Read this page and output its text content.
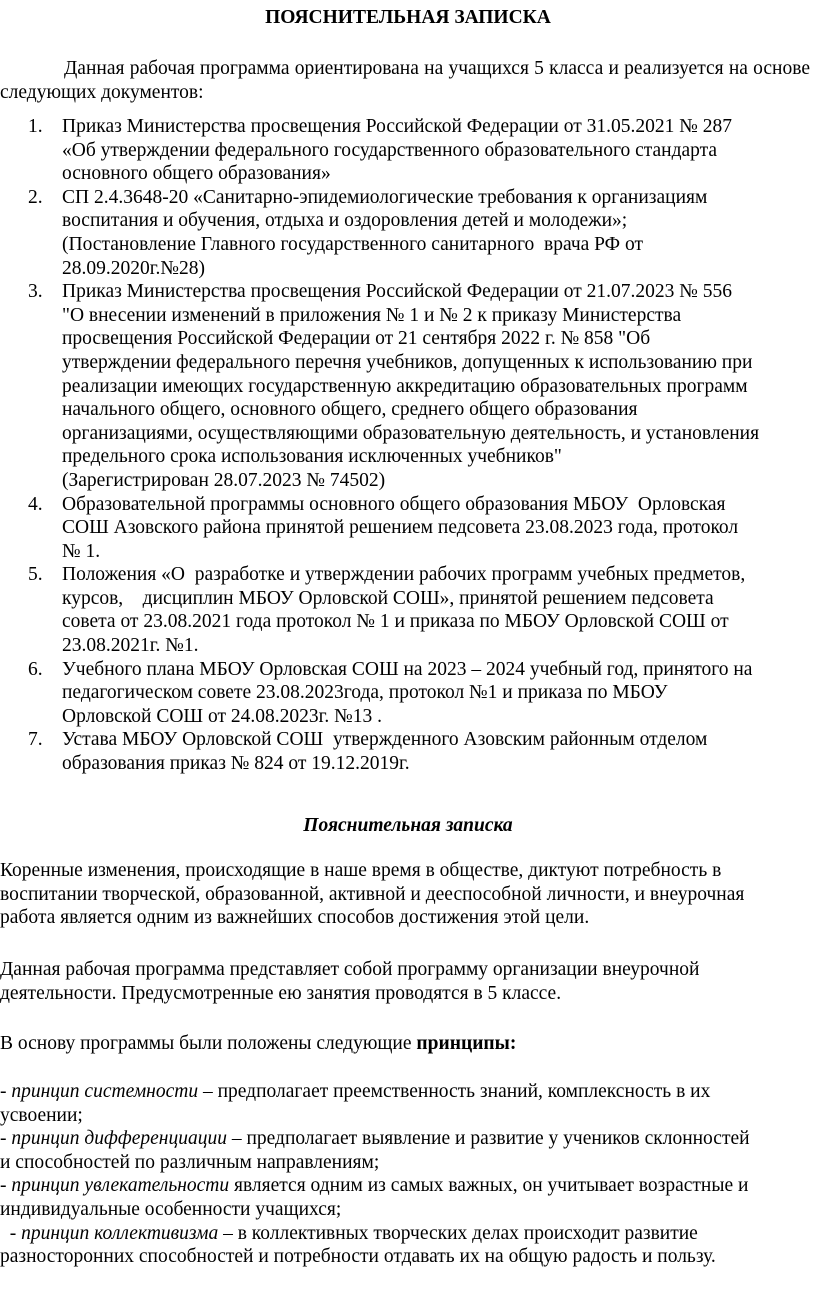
ПОЯСНИТЕЛЬНАЯ ЗАПИСКА
Данная рабочая программа ориентирована на учащихся 5 класса и реализуется на основе следующих документов:
1. Приказ Министерства просвещения Российской Федерации от 31.05.2021 № 287
«Об утверждении федерального государственного образовательного стандарта
основного общего образования»
2. СП 2.4.3648-20 «Санитарно-эпидемиологические требования к организациям
воспитания и обучения, отдыха и оздоровления детей и молодежи»;
(Постановление Главного государственного санитарного  врача РФ от
28.09.2020г.№28)
3. Приказ Министерства просвещения Российской Федерации от 21.07.2023 № 556
"О внесении изменений в приложения № 1 и № 2 к приказу Министерства
просвещения Российской Федерации от 21 сентября 2022 г. № 858 "Об
утверждении федерального перечня учебников, допущенных к использованию при
реализации имеющих государственную аккредитацию образовательных программ
начального общего, основного общего, среднего общего образования
организациями, осуществляющими образовательную деятельность, и установления
предельного срока использования исключенных учебников"
(Зарегистрирован 28.07.2023 № 74502)
4. Образовательной программы основного общего образования МБОУ  Орловская
СОШ Азовского района принятой решением педсовета 23.08.2023 года, протокол
№ 1.
5. Положения «О  разработке и утверждении рабочих программ учебных предметов,
курсов,    дисциплин МБОУ Орловской СОШ», принятой решением педсовета
совета от 23.08.2021 года протокол № 1 и приказа по МБОУ Орловской СОШ от
23.08.2021г. №1.
6. Учебного плана МБОУ Орловская СОШ на 2023 – 2024 учебный год, принятого на
педагогическом совете 23.08.2023года, протокол №1 и приказа по МБОУ
Орловской СОШ от 24.08.2023г. №13 .
7. Устава МБОУ Орловской СОШ  утвержденного Азовским районным отделом
образования приказ № 824 от 19.12.2019г.
Пояснительная записка
Коренные изменения, происходящие в наше время в обществе, диктуют потребность в
воспитании творческой, образованной, активной и дееспособной личности, и внеурочная
работа является одним из важнейших способов достижения этой цели.
Данная рабочая программа представляет собой программу организации внеурочной
деятельности. Предусмотренные ею занятия проводятся в 5 классе.
В основу программы были положены следующие принципы:
- принцип системности – предполагает преемственность знаний, комплексность в их
усвоении;
- принцип дифференциации – предполагает выявление и развитие у учеников склонностей
и способностей по различным направлениям;
- принцип увлекательности является одним из самых важных, он учитывает возрастные и
индивидуальные особенности учащихся;
- принцип коллективизма – в коллективных творческих делах происходит развитие
разносторонних способностей и потребности отдавать их на общую радость и пользу.
